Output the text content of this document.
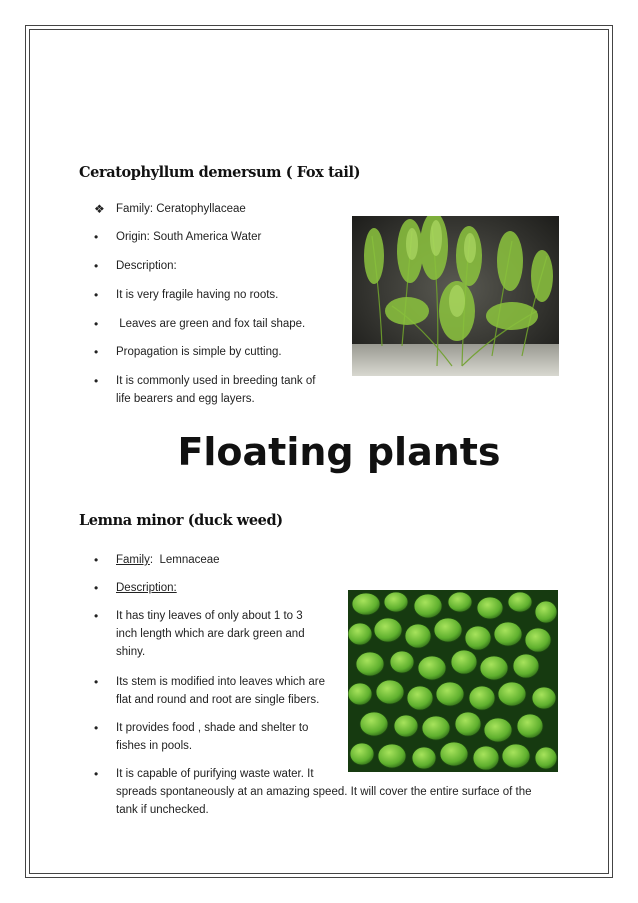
Ceratophyllum demersum ( Fox tail)
❖ Family: Ceratophyllaceae
•
Origin: South America Water
•
Description:
•
It is very fragile having no roots.
•
Leaves are green and fox tail shape.
•
Propagation is simple by cutting.
•
It is commonly used in breeding tank of
life bearers and egg layers.
Floating plants
Lemna minor (duck weed)
•
Family:  Lemnaceae
•
Description:
•
It has tiny leaves of only about 1 to 3
inch length which are dark green and
shiny.
•
Its stem is modified into leaves which are
flat and round and root are single fibers.
•
It provides food , shade and shelter to
fishes in pools.
•
It is capable of purifying waste water. It
spreads spontaneously at an amazing speed. It will cover the entire surface of the
tank if unchecked.
